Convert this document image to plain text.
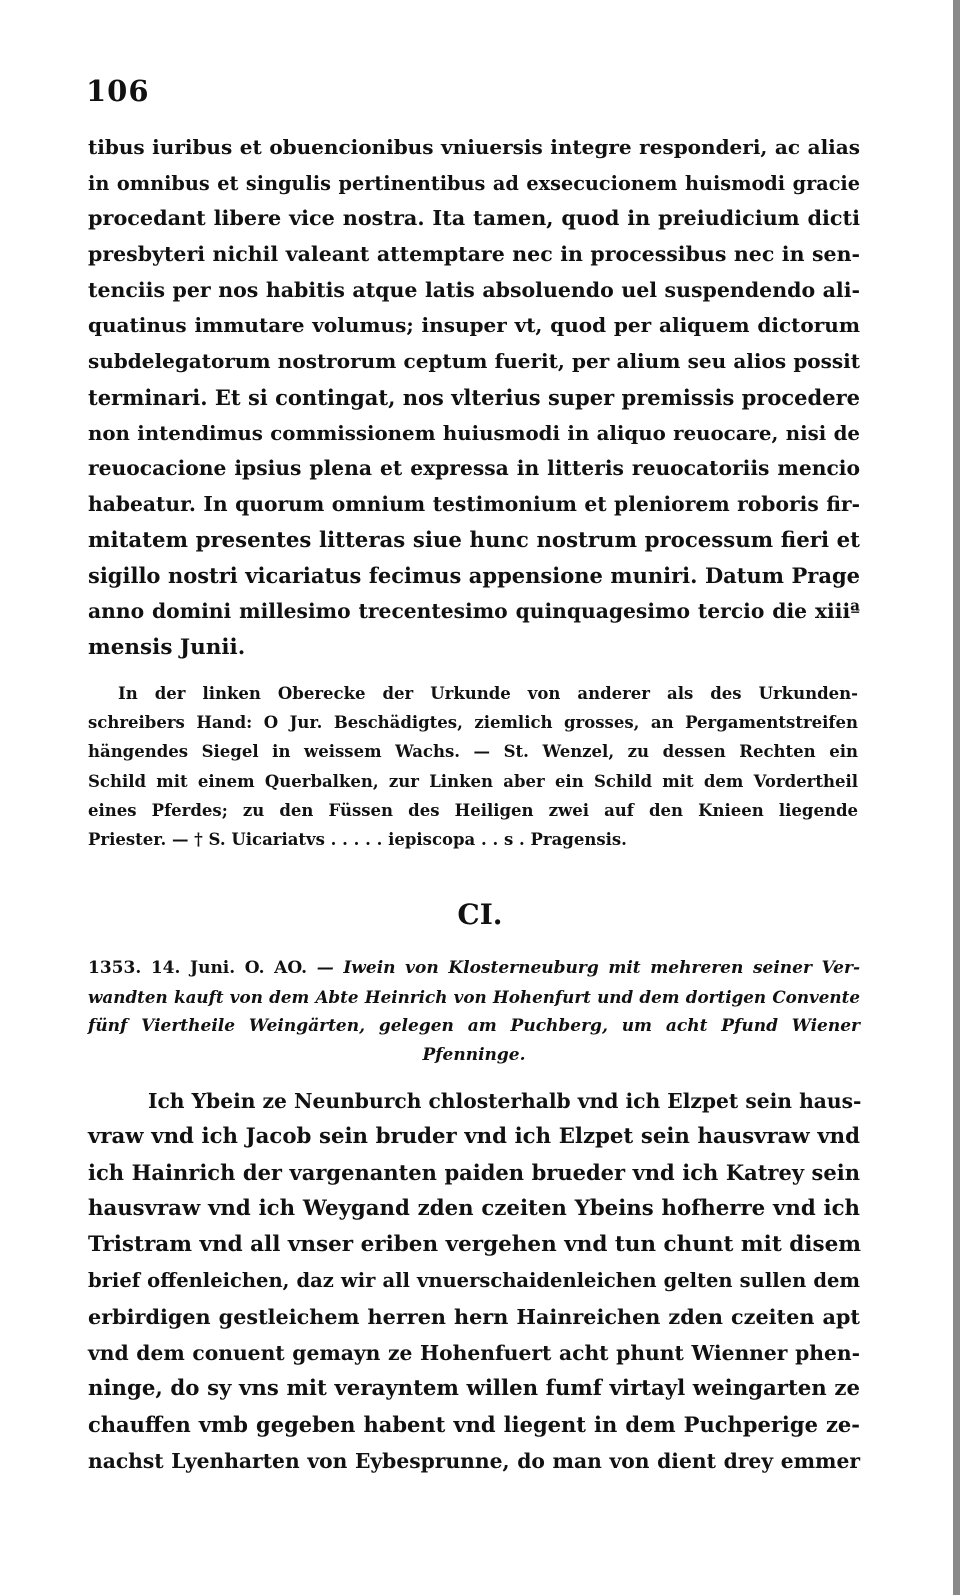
106
tibus iuribus et obuencionibus vniuersis integre responderi, ac alias
in omnibus et singulis pertinentibus ad exsecucionem huismodi gracie
procedant libere vice nostra. Ita tamen, quod in preiudicium dicti
presbyteri nichil valeant attemptare nec in processibus nec in sen-
tenciis per nos habitis atque latis absoluendo uel suspendendo ali-
quatinus immutare volumus; insuper vt, quod per aliquem dictorum
subdelegatorum nostrorum ceptum fuerit, per alium seu alios possit
terminari. Et si contingat, nos vlterius super premissis procedere
non intendimus commissionem huiusmodi in aliquo reuocare, nisi de
reuocacione ipsius plena et expressa in litteris reuocatoriis mencio
habeatur. In quorum omnium testimonium et pleniorem roboris fir-
mitatem presentes litteras siue hunc nostrum processum fieri et
sigillo nostri vicariatus fecimus appensione muniri. Datum Prage
anno domini millesimo trecentesimo quinquagesimo tercio die xiiiª
mensis Junii.
In der linken Oberecke der Urkunde von anderer als des Urkunden-
schreibers Hand: O Jur. Beschädigtes, ziemlich grosses, an Pergamentstreifen
hängendes Siegel in weissem Wachs. — St. Wenzel, zu dessen Rechten ein
Schild mit einem Querbalken, zur Linken aber ein Schild mit dem Vordertheil
eines Pferdes; zu den Füssen des Heiligen zwei auf den Knieen liegende
Priester. — † S. Uicariatvs . . . . . iepiscopa . . s . Pragensis.
CI.
1353. 14. Juni. O. AO. — Iwein von Klosterneuburg mit mehreren seiner Ver-
wandten kauft von dem Abte Heinrich von Hohenfurt und dem dortigen Convente
fünf Viertheile Weingärten, gelegen am Puchberg, um acht Pfund Wiener
Pfenninge.
Ich Ybein ze Neunburch chlosterhalb vnd ich Elzpet sein haus-
vraw vnd ich Jacob sein bruder vnd ich Elzpet sein hausvraw vnd
ich Hainrich der vargenanten paiden brueder vnd ich Katrey sein
hausvraw vnd ich Weygand zden czeiten Ybeins hofherre vnd ich
Tristram vnd all vnser eriben vergehen vnd tun chunt mit disem
brief offenleichen, daz wir all vnuerschaidenleichen gelten sullen dem
erbirdigen gestleichem herren hern Hainreichen zden czeiten apt
vnd dem conuent gemayn ze Hohenfuert acht phunt Wienner phen-
ninge, do sy vns mit verayntem willen fumf virtayl weingarten ze
chauffen vmb gegeben habent vnd liegent in dem Puchperige ze-
nachst Lyenharten von Eybesprunne, do man von dient drey emmer
